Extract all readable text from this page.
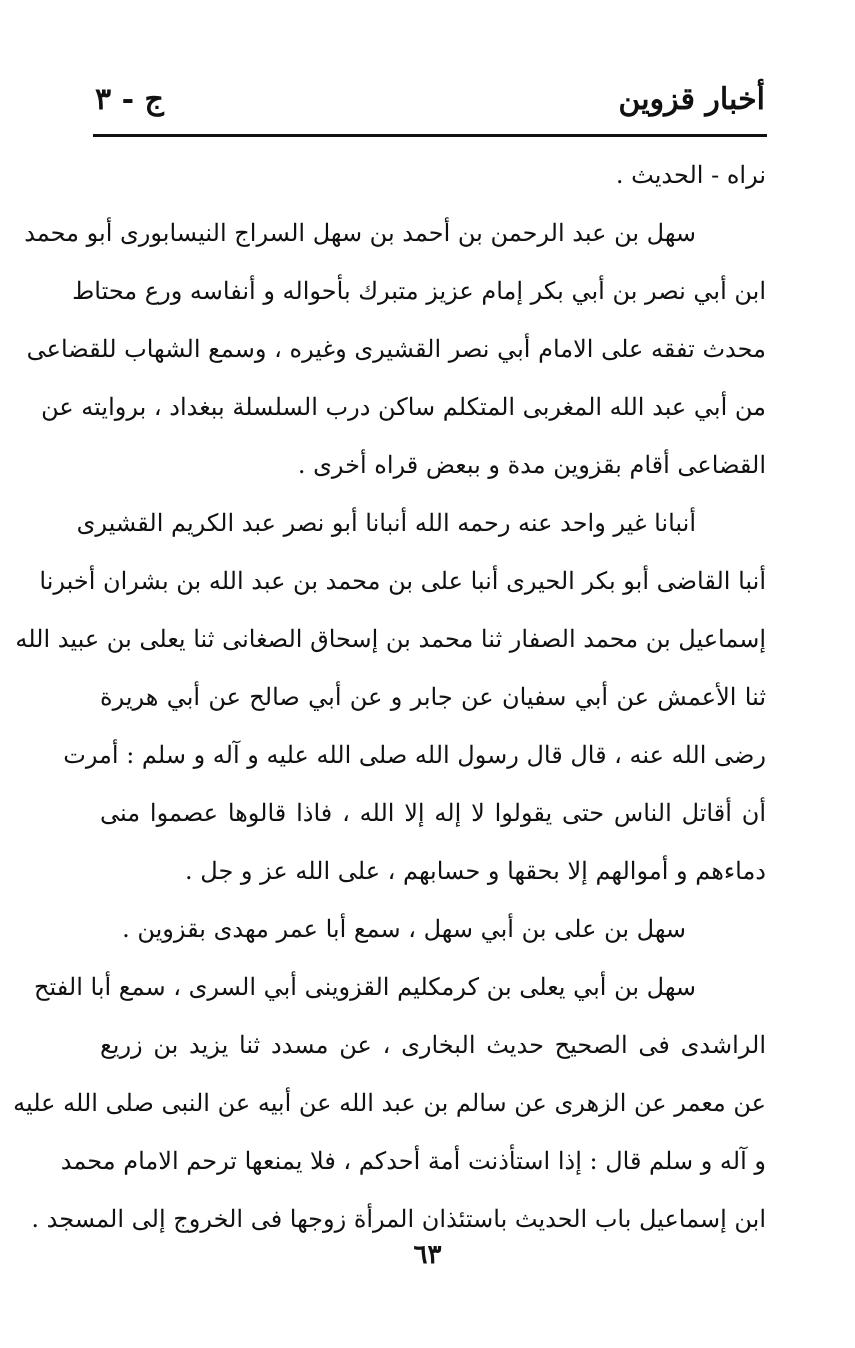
أخبار قزوين
ج - ٣
نراه - الحديث .
سهل بن عبد الرحمن بن أحمد بن سهل السراج النيسابورى أبو محمد
ابن أبي نصر بن أبي بكر إمام عزيز متبرك بأحواله و أنفاسه ورع محتاط
محدث تفقه على الامام أبي نصر القشيرى وغيره ، وسمع الشهاب للقضاعى
من أبي عبد الله المغربى المتكلم ساكن درب السلسلة ببغداد ، بروايته عن
القضاعى أقام بقزوين مدة و ببعض قراه أخرى .
أنبانا غير واحد عنه رحمه الله أنبانا أبو نصر عبد الكريم القشيرى
أنبا القاضى أبو بكر الحيرى أنبا على بن محمد بن عبد الله بن بشران أخبرنا
إسماعيل بن محمد الصفار ثنا محمد بن إسحاق الصغانى ثنا يعلى بن عبيد الله
ثنا الأعمش عن أبي سفيان عن جابر و عن أبي صالح عن أبي هريرة
رضى الله عنه ، قال قال رسول الله صلى الله عليه و آله و سلم : أمرت
أن أقاتل الناس حتى يقولوا لا إله إلا الله ، فاذا قالوها عصموا منى
دماءهم و أموالهم إلا بحقها و حسابهم ، على الله عز و جل .
سهل بن على بن أبي سهل ، سمع أبا عمر مهدى بقزوين .
سهل بن أبي يعلى بن كرمكليم القزوينى أبي السرى ، سمع أبا الفتح
الراشدى فى الصحيح حديث البخارى ، عن مسدد ثنا يزيد بن زريع
عن معمر عن الزهرى عن سالم بن عبد الله عن أبيه عن النبى صلى الله عليه
و آله و سلم قال : إذا استأذنت أمة أحدكم ، فلا يمنعها ترحم الامام محمد
ابن إسماعيل باب الحديث باستئذان المرأة زوجها فى الخروج إلى المسجد .
٦٣
